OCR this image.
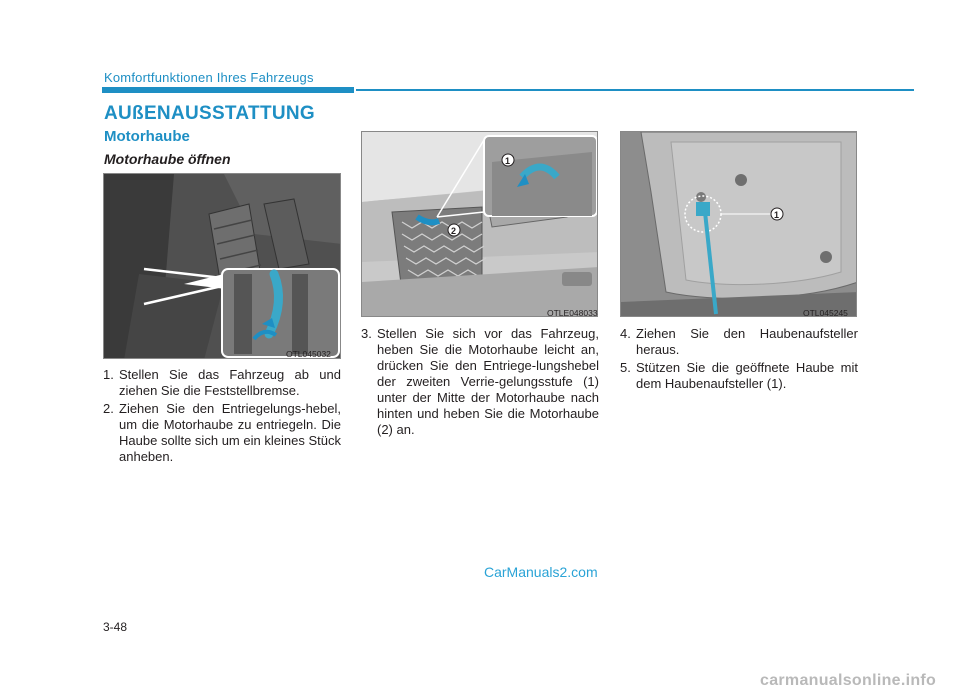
Komfortfunktionen Ihres Fahrzeugs
AUßENAUSSTATTUNG
Motorhaube
Motorhaube öffnen
OTL045032
2
1
OTLE048033
1
OTL045245
1. Stellen Sie das Fahrzeug ab und ziehen Sie die Feststellbremse.
2. Ziehen Sie den Entriegelungs-hebel, um die Motorhaube zu entriegeln. Die Haube sollte sich um ein kleines Stück anheben.
3. Stellen Sie sich vor das Fahrzeug, heben Sie die Motorhaube leicht an, drücken Sie den Entriege-lungshebel der zweiten Verrie-gelungsstufe (1) unter der Mitte der Motorhaube nach hinten und heben Sie die Motorhaube (2) an.
4. Ziehen Sie den Haubenaufsteller heraus.
5. Stützen Sie die geöffnete Haube mit dem Haubenaufsteller (1).
CarManuals2.com
3-48
carmanualsonline.info
